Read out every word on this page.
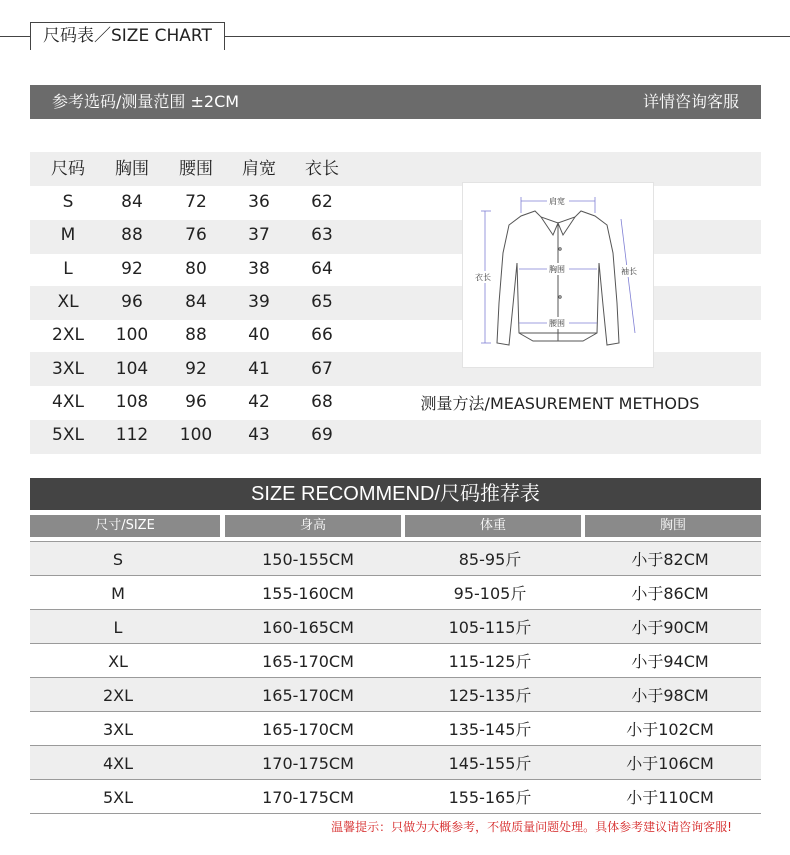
尺码表／SIZE CHART
参考选码/测量范围 ±2CM	详情咨询客服
尺码	胸围	腰围	肩宽	衣长
S	84	72	36	62
M	88	76	37	63
L	92	80	38	64
XL	96	84	39	65
2XL	100	88	40	66
3XL	104	92	41	67
4XL	108	96	42	68
5XL	112	100	43	69
肩宽
衣长
袖长
胸围
腰围
测量方法/MEASUREMENT METHODS
SIZE RECOMMEND/尺码推荐表
尺寸/SIZE	身高	体重	胸围
S	150-155CM	85-95斤	小于82CM
M	155-160CM	95-105斤	小于86CM
L	160-165CM	105-115斤	小于90CM
XL	165-170CM	115-125斤	小于94CM
2XL	165-170CM	125-135斤	小于98CM
3XL	165-170CM	135-145斤	小于102CM
4XL	170-175CM	145-155斤	小于106CM
5XL	170-175CM	155-165斤	小于110CM
温馨提示：只做为大概参考，不做质量问题处理。具体参考建议请咨询客服!
